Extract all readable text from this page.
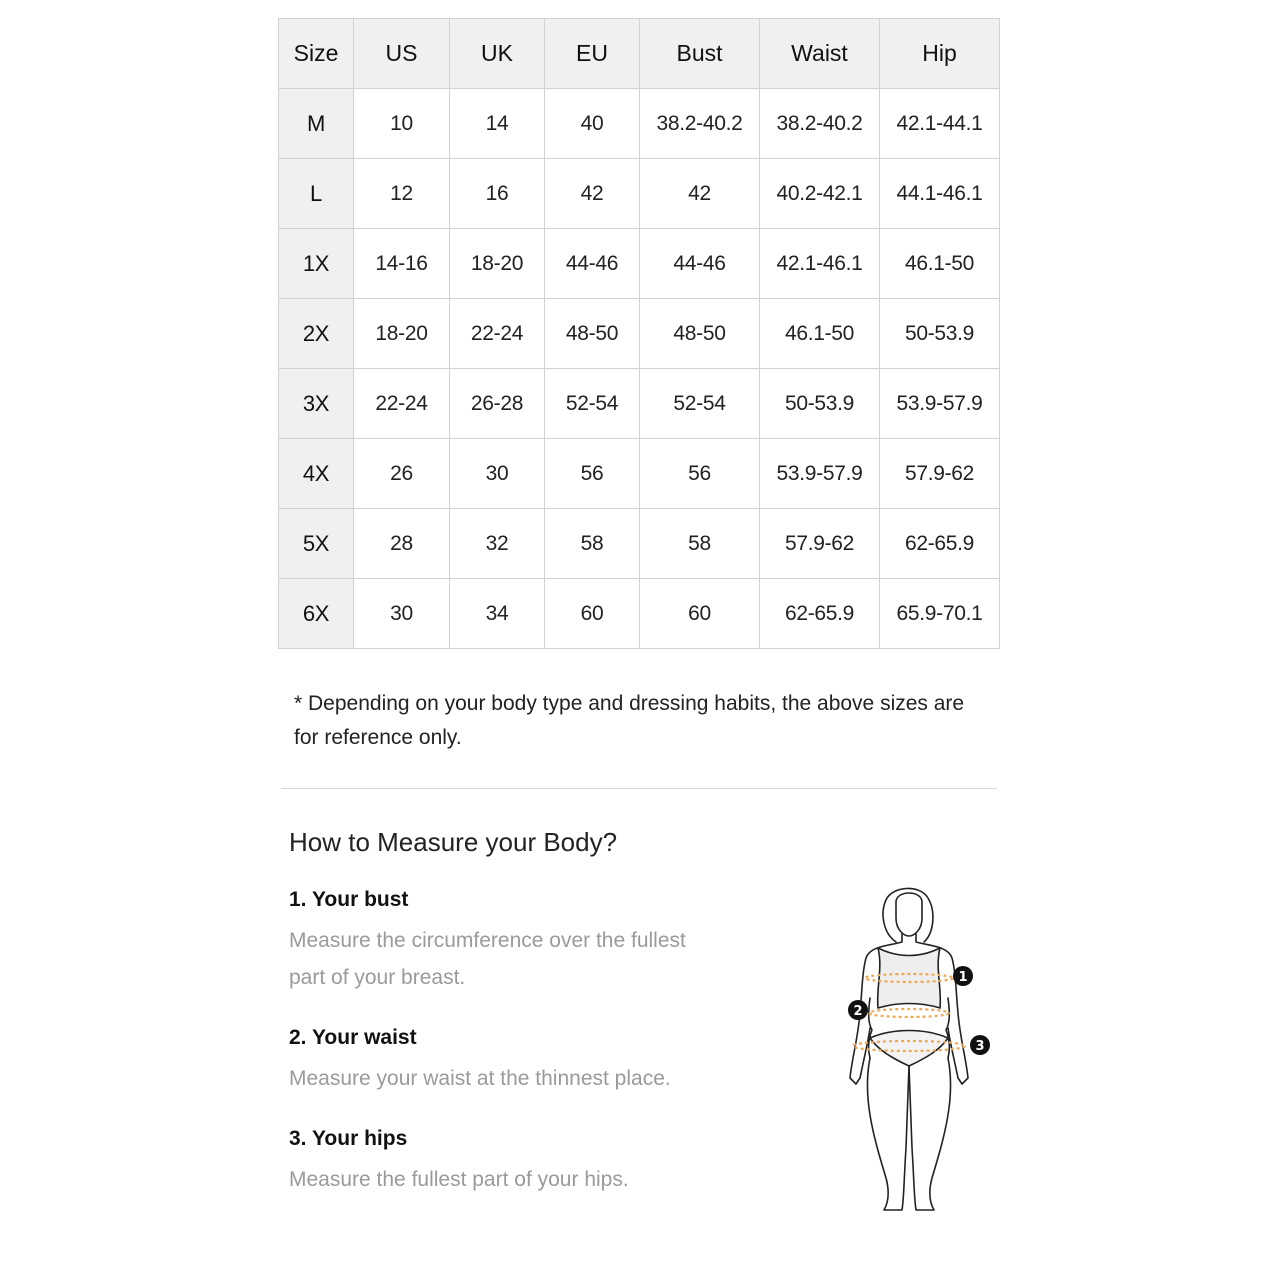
Size	US	UK	EU	Bust	Waist	Hip
M	10	14	40	38.2-40.2	38.2-40.2	42.1-44.1
L	12	16	42	42	40.2-42.1	44.1-46.1
1X	14-16	18-20	44-46	44-46	42.1-46.1	46.1-50
2X	18-20	22-24	48-50	48-50	46.1-50	50-53.9
3X	22-24	26-28	52-54	52-54	50-53.9	53.9-57.9
4X	26	30	56	56	53.9-57.9	57.9-62
5X	28	32	58	58	57.9-62	62-65.9
6X	30	34	60	60	62-65.9	65.9-70.1

* Depending on your body type and dressing habits, the above sizes are for reference only.

How to Measure your Body?

1. Your bust

Measure the circumference over the fullest part of your breast.

2. Your waist

Measure your waist at the thinnest place.

3. Your hips

Measure the fullest part of your hips.

1
2
3
